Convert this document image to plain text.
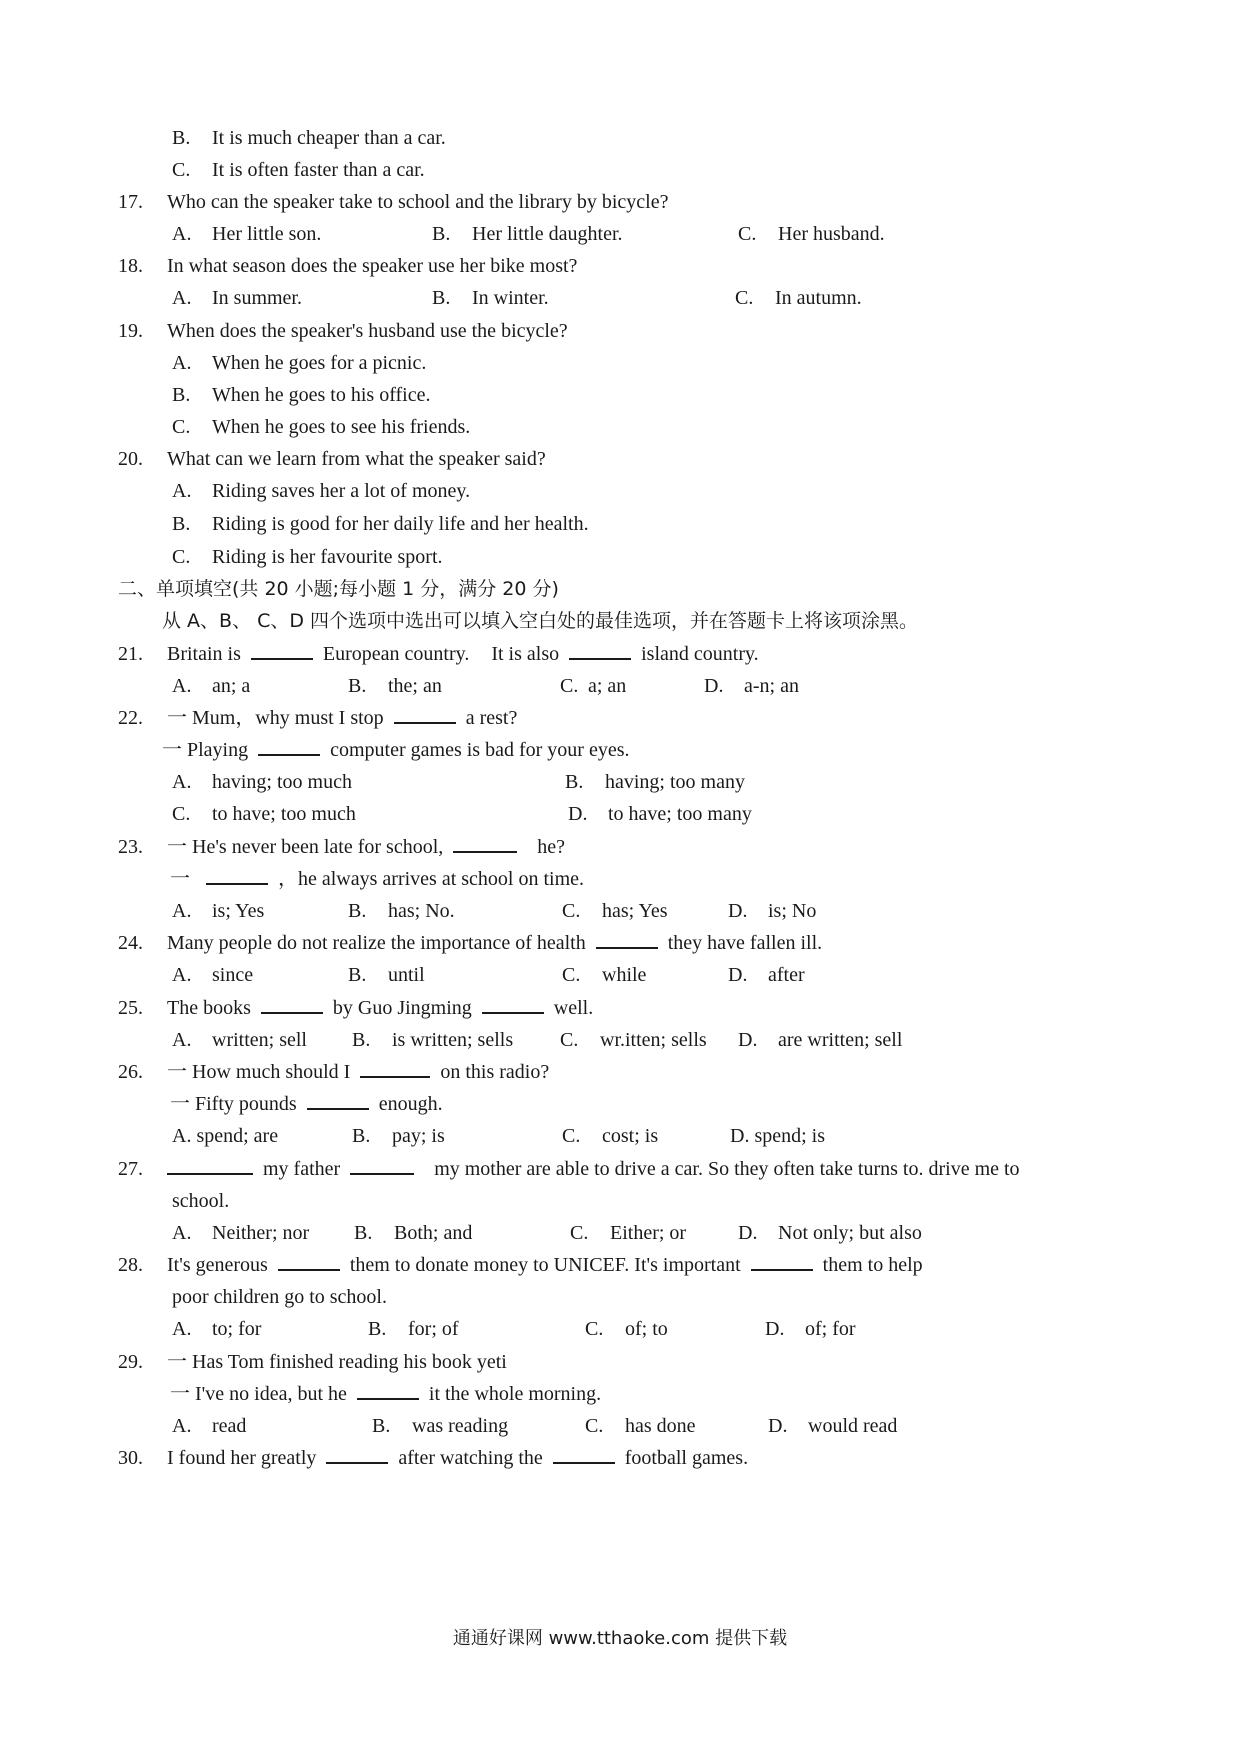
B. It is much cheaper than a car.
C. It is often faster than a car.
17.	Who can the speaker take to school and the library by bicycle?
A. Her little son.	B. Her little daughter.	C. Her husband.
18.	In what season does the speaker use her bike most?
A. In summer.	B. In winter.	C. In autumn.
19.	When does the speaker's husband use the bicycle?
A. When he goes for a picnic.
B. When he goes to his office.
C. When he goes to see his friends.
20.	What can we learn from what the speaker said?
A. Riding saves her a lot of money.
B. Riding is good for her daily life and her health.
C. Riding is her favourite sport.
二、单项填空(共 20 小题;每小题 1 分，满分 20 分)
从 A、B、 C、D 四个选项中选出可以填入空白处的最佳选项，并在答题卡上将该项涂黑。
21.	Britain is	European country. It is also	island country.
A. an; a	B. the; an	C. a; an	D. a-n; an
22.	一 Mum，why must I stop	a rest?
一 Playing	computer games is bad for your eyes.
A. having; too much	B. having; too many
C. to have; too much	D. to have; too many
23.	一 He's never been late for school,	he?
一	，he always arrives at school on time.
A. is; Yes	B. has; No.	C. has; Yes	D. is; No
24.	Many people do not realize the importance of health	they have fallen ill.
A. since	B. until	C. while	D. after
25.	The books	by Guo Jingming	well.
A. written; sell B. is written; sells C. wr.itten; sells D. are written; sell
26.	一 How much should I	on this radio?
一 Fifty pounds	enough.
A. spend; are	B. pay; is	C. cost; is	D. spend; is
27.	my father	my mother are able to drive a car. So they often take turns to. drive me to
school.
A. Neither; nor B. Both; and	C. Either; or	D. Not only; but also
28.	It's generous	them to donate money to UNICEF. It's important	them to help
poor children go to school.
A. to; for	B. for; of	C. of; to	D. of; for
29.	一 Has Tom finished reading his book yeti
一 I've no idea, but he	it the whole morning.
A. read	B. was reading	C. has done	D. would read
30.	I found her greatly	after watching the	football games.
通通好课网 www.tthaoke.com 提供下载
